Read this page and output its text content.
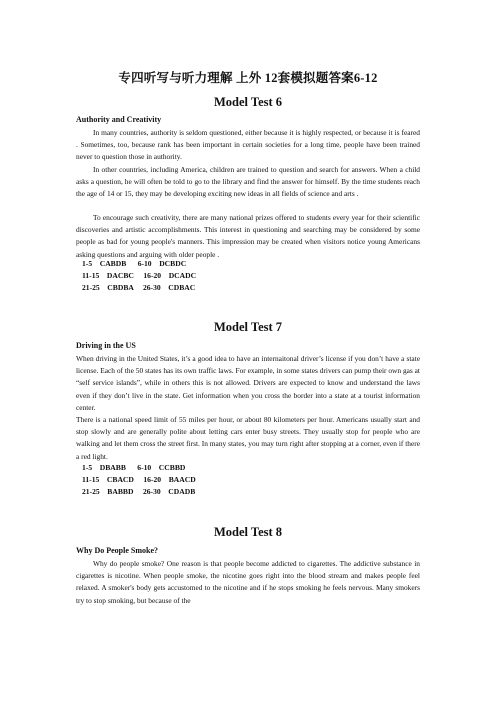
专四听写与听力理解 上外 12套模拟题答案6-12
Model Test 6
Authority and Creativity

In many countries, authority is seldom questioned, either because it is highly respected, or because it is feared . Sometimes, too, because rank has been important in certain societies for a long time, people have been trained never to question those in authority.

In other countries, including America, children are trained to question and search for answers. When a child asks a question, he will often be told to go to the library and find the answer for himself. By the time students reach the age of 14 or 15, they may be developing exciting new ideas in all fields of science and arts .

To encourage such creativity, there are many national prizes offered to students every year for their scientific discoveries and artistic accomplishments. This interest in questioning and searching may be considered by some people as bad for young people's manners. This impression may be created when visitors notice young Americans asking questions and arguing with older people .

1-5    CABDB      6-10    DCBDC
11-15    DACBC     16-20    DCADC
21-25    CBDBA     26-30    CDBAC
Model Test 7
Driving in the US

When driving in the United States, it’s a good idea to have an internaitonal driver’s license if you don’t have a state license. Each of the 50 states has its own traffic laws. For example, in some states drivers can pump their own gas at “self service islands”, while in others this is not allowed. Drivers are expected to know and understand the laws even if they don’t live in the state. Get information when you cross the border into a state at a tourist information center.

There is a national speed limit of 55 miles per hour, or about 80 kilometers per hour. Americans usually start and stop slowly and are generally polite about letting cars enter busy streets. They usually stop for people who are walking and let them cross the street first. In many states, you may turn right after stopping at a corner, even if there a red light.

1-5    DBABB      6-10    CCBBD
11-15    CBACD     16-20    BAACD
21-25    BABBD     26-30    CDADB
Model Test 8
Why Do People Smoke?

Why do people smoke? One reason is that people become addicted to cigarettes. The addictive substance in cigarettes is nicotine. When people smoke, the nicotine goes right into the blood stream and makes people feel relaxed. A smoker's body gets accustomed to the nicotine and if he stops smoking he feels nervous. Many smokers try to stop smoking, but because of the
